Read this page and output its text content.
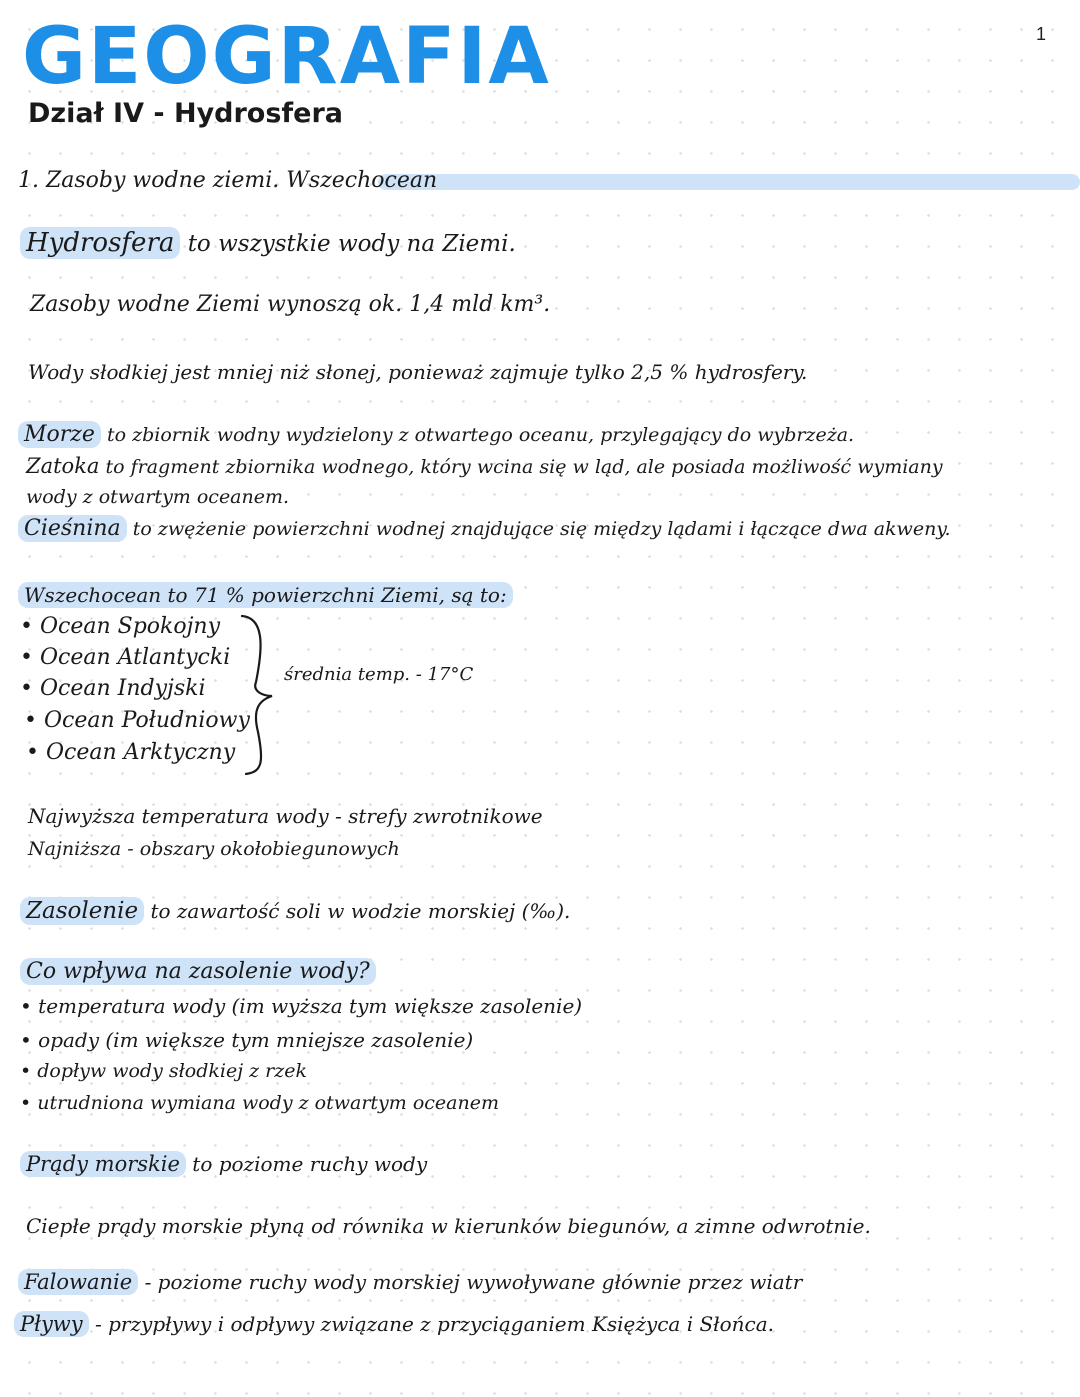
1
GEOGRAFIA
Dział IV - Hydrosfera
1. Zasoby wodne ziemi. Wszechocean
Hydrosfera to wszystkie wody na Ziemi.
Zasoby wodne Ziemi wynoszą ok. 1,4 mld km³.
Wody słodkiej jest mniej niż słonej, ponieważ zajmuje tylko 2,5 % hydrosfery.
Morze to zbiornik wodny wydzielony z otwartego oceanu, przylegający do wybrzeża.
Zatoka to fragment zbiornika wodnego, który wcina się w ląd, ale posiada możliwość wymiany
wody z otwartym oceanem.
Cieśnina to zwężenie powierzchni wodnej znajdujące się między lądami i łączące dwa akweny.
Wszechocean to 71 % powierzchni Ziemi, są to:
• Ocean Spokojny
• Ocean Atlantycki
• Ocean Indyjski
• Ocean Południowy
• Ocean Arktyczny
średnia temp. - 17°C
Najwyższa temperatura wody - strefy zwrotnikowe
Najniższa - obszary okołobiegunowych
Zasolenie to zawartość soli w wodzie morskiej (‰).
Co wpływa na zasolenie wody?
• temperatura wody (im wyższa tym większe zasolenie)
• opady (im większe tym mniejsze zasolenie)
• dopływ wody słodkiej z rzek
• utrudniona wymiana wody z otwartym oceanem
Prądy morskie to poziome ruchy wody
Ciepłe prądy morskie płyną od równika w kierunków biegunów, a zimne odwrotnie.
Falowanie - poziome ruchy wody morskiej wywoływane głównie przez wiatr
Pływy - przypływy i odpływy związane z przyciąganiem Księżyca i Słońca.
